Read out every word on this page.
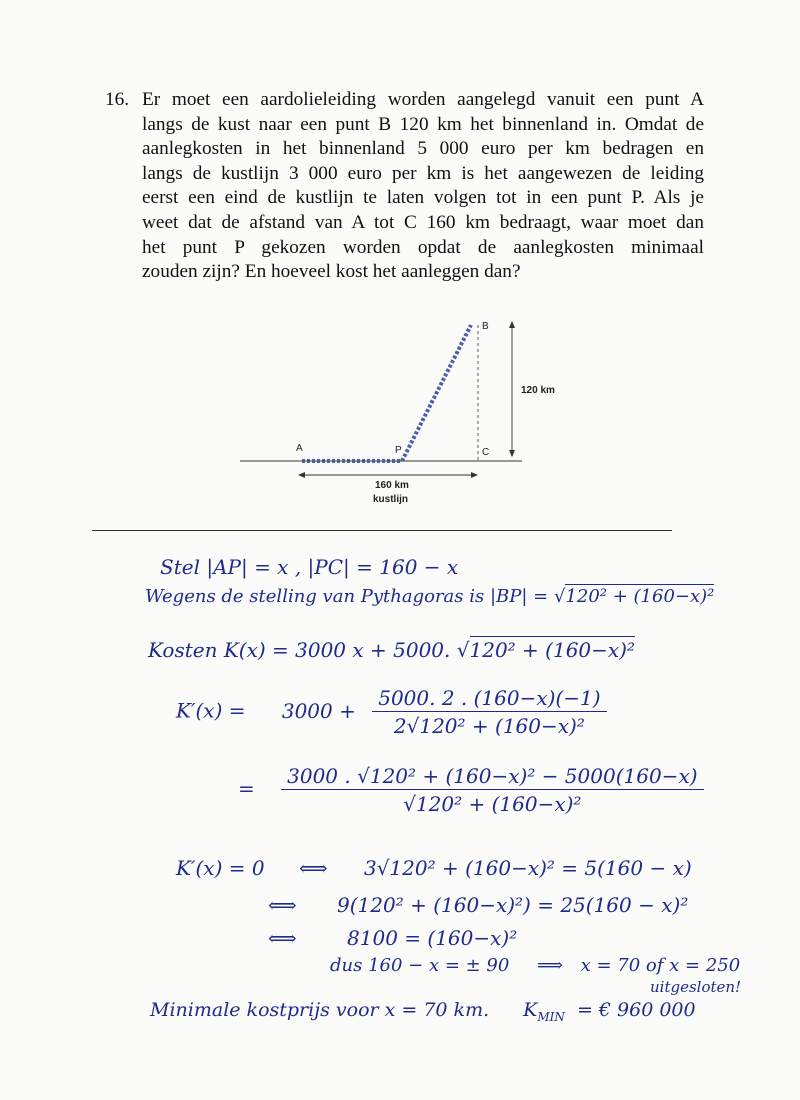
16. Er moet een aardolieleiding worden aangelegd vanuit een punt A
langs de kust naar een punt B 120 km het binnenland in. Omdat de
aanlegkosten in het binnenland 5 000 euro per km bedragen en
langs de kustlijn 3 000 euro per km is het aangewezen de leiding
eerst een eind de kustlijn te laten volgen tot in een punt P. Als je
weet dat de afstand van A tot C 160 km bedraagt, waar moet dan
het punt P gekozen worden opdat de aanlegkosten minimaal
zouden zijn? En hoeveel kost het aanleggen dan?
A	P	C
B
120 km
160 km
kustlijn
Stel |AP| = x , |PC| = 160 − x
Wegens de stelling van Pythagoras is |BP| = √120² + (160−x)²
Kosten K(x) = 3000 x + 5000. √120² + (160−x)²
$K'(x) = 3000 + \frac{5000. 2 . (160-x)(-1)}{\text{2√120² + (160−x)²}}$
= $\frac{\text{3000 . √120² + (160−x)² − 5000(160−x)}}{\text{√120² + (160−x)²}}$
K′(x) = 0 ⟺ 3√120² + (160−x)² = 5(160 − x)
⟺ 9(120² + (160−x)²) = 25(160 − x)²
⟺	8100 = (160−x)²
dus 160 − x = ± 90 ⟹ x = 70 of x = 250
uitgesloten!
Minimale kostprijs voor x = 70 km. $K_{MIN}$ = € 960 000
